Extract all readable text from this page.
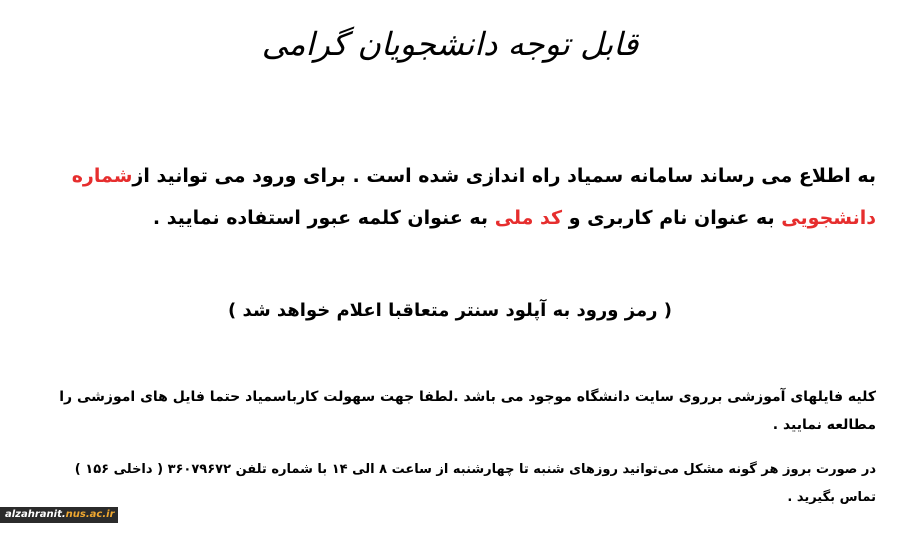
قابل توجه دانشجویان گرامی
به اطلاع می رساند سامانه سمیاد راه اندازی شده است . برای ورود می توانید ازشماره دانشجویی به عنوان نام کاربری و کد ملی به عنوان کلمه عبور استفاده نمایید .
( رمز ورود به آپلود سنتر متعاقبا اعلام خواهد شد )
کلیه فایلهای آموزشی برروی سایت دانشگاه موجود می باشد .لطفا جهت سهولت کارباسمیاد حتما فایل های اموزشی را مطالعه نمایید .
در صورت بروز هر گونه مشکل می‌توانید روزهای شنبه تا چهارشنبه از ساعت ۸ الی ۱۴ با شماره تلفن ۳۶۰۷۹۶۷۲ ( داخلی ۱۵۶ ) تماس بگیرید .
alzahranit.nus.ac.ir
